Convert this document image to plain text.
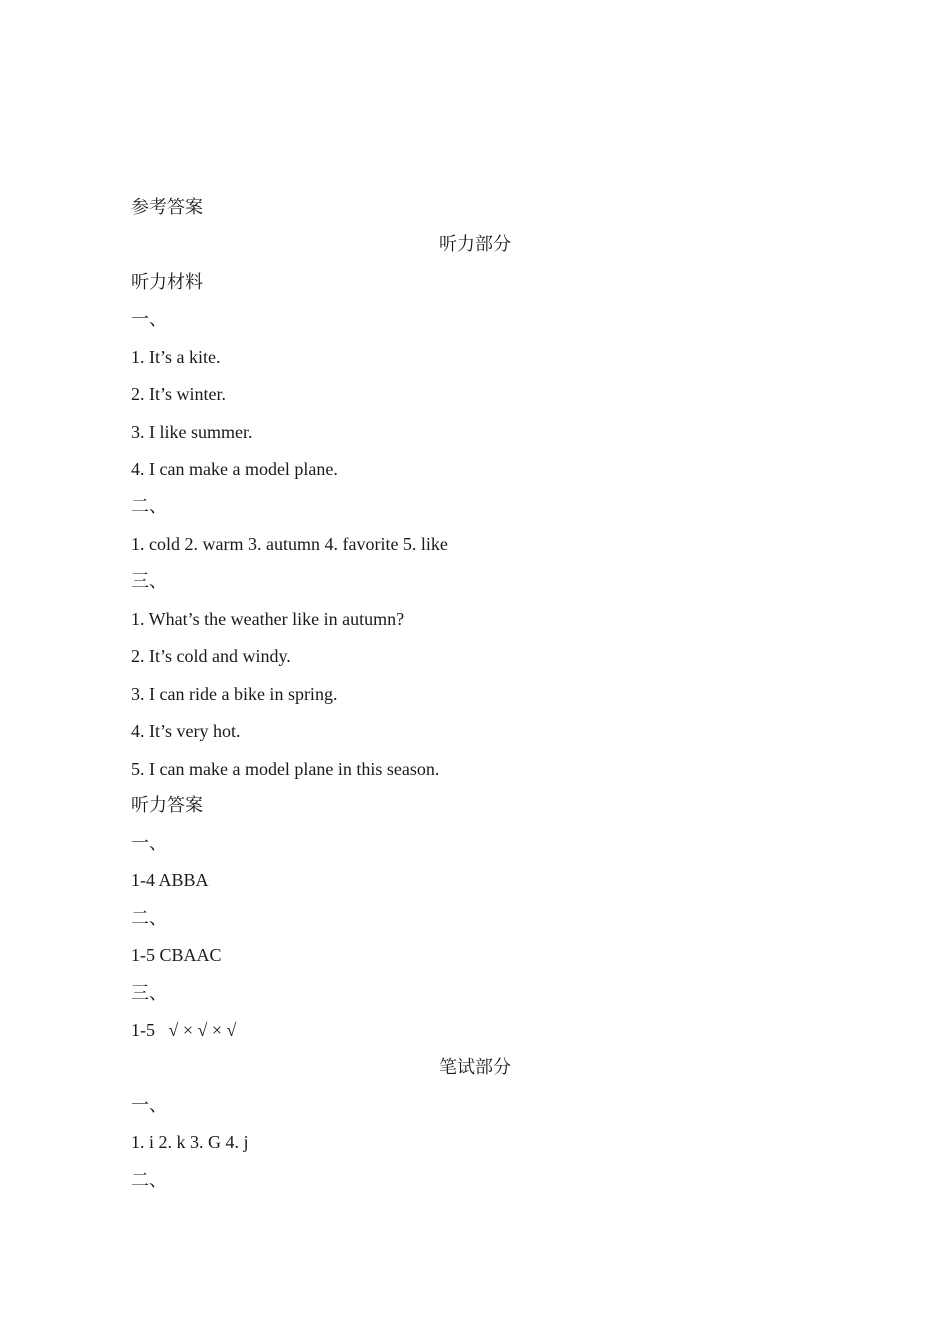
参考答案
听力部分
听力材料
一、
1. It’s a kite.
2. It’s winter.
3. I like summer.
4. I can make a model plane.
二、
1. cold 2. warm 3. autumn 4. favorite 5. like
三、
1. What’s the weather like in autumn?
2. It’s cold and windy.
3. I can ride a bike in spring.
4. It’s very hot.
5. I can make a model plane in this season.
听力答案
一、
1-4 ABBA
二、
1-5 CBAAC
三、
1-5   √ × √ × √
笔试部分
一、
1. i 2. k 3. G 4. j
二、
